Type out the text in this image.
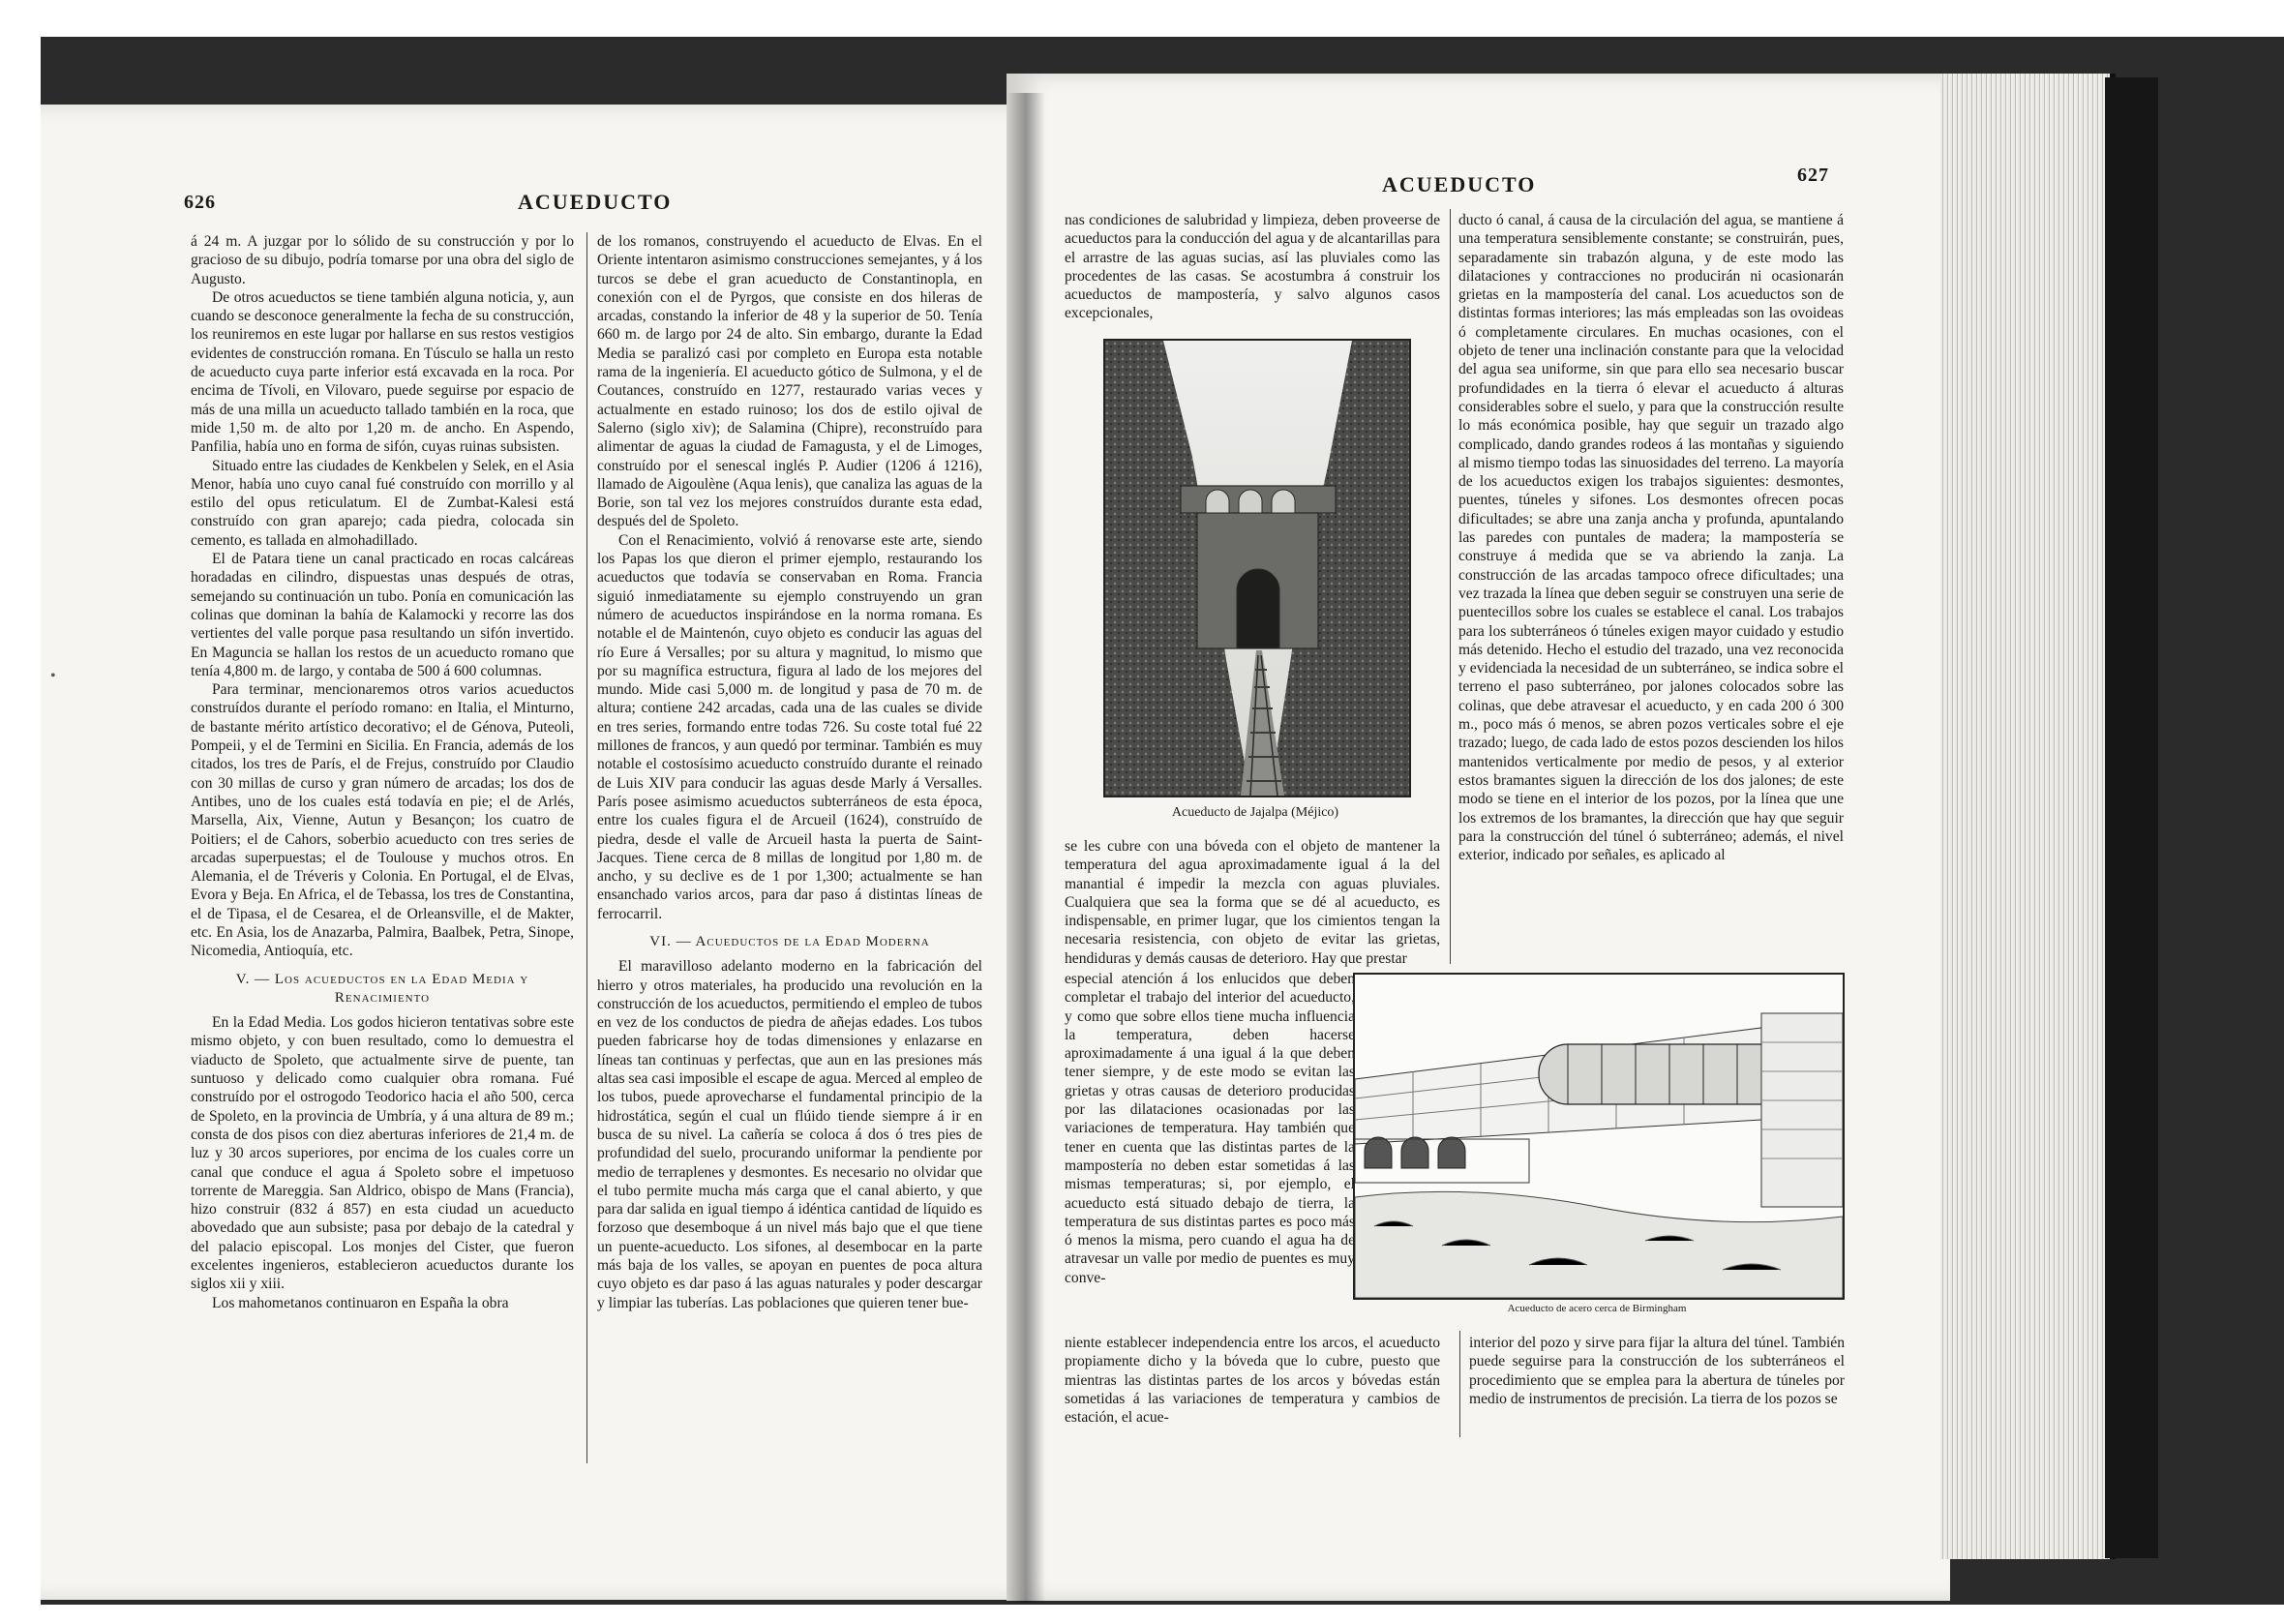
626	ACUEDUCTO

á 24 m. A juzgar por lo sólido de su construcción y por lo gracioso de su dibujo, podría tomarse por una obra del siglo de Augusto.

De otros acueductos se tiene también alguna noticia, y, aun cuando se desconoce generalmente la fecha de su construcción, los reuniremos en este lugar por hallarse en sus restos vestigios evidentes de construcción romana. En Túsculo se halla un resto de acueducto cuya parte inferior está excavada en la roca. Por encima de Tívoli, en Vilovaro, puede seguirse por espacio de más de una milla un acueducto tallado también en la roca, que mide 1,50 m. de alto por 1,20 m. de ancho. En Aspendo, Panfilia, había uno en forma de sifón, cuyas ruinas subsisten.

Situado entre las ciudades de Kenkbelen y Selek, en el Asia Menor, había uno cuyo canal fué construído con morrillo y al estilo del opus reticulatum. El de Zumbat-Kalesi está construído con gran aparejo; cada piedra, colocada sin cemento, es tallada en almohadillado.

El de Patara tiene un canal practicado en rocas calcáreas horadadas en cilindro, dispuestas unas después de otras, semejando su continuación un tubo. Ponía en comunicación las colinas que dominan la bahía de Kalamocki y recorre las dos vertientes del valle porque pasa resultando un sifón invertido. En Maguncia se hallan los restos de un acueducto romano que tenía 4,800 m. de largo, y contaba de 500 á 600 columnas.

Para terminar, mencionaremos otros varios acueductos construídos durante el período romano: en Italia, el Minturno, de bastante mérito artístico decorativo; el de Génova, Puteoli, Pompeii, y el de Termini en Sicilia. En Francia, además de los citados, los tres de París, el de Frejus, construído por Claudio con 30 millas de curso y gran número de arcadas; los dos de Antibes, uno de los cuales está todavía en pie; el de Arlés, Marsella, Aix, Vienne, Autun y Besançon; los cuatro de Poitiers; el de Cahors, soberbio acueducto con tres series de arcadas superpuestas; el de Toulouse y muchos otros. En Alemania, el de Tréveris y Colonia. En Portugal, el de Elvas, Evora y Beja. En Africa, el de Tebassa, los tres de Constantina, el de Tipasa, el de Cesarea, el de Orleansville, el de Makter, etc. En Asia, los de Anazarba, Palmira, Baalbek, Petra, Sinope, Nicomedia, Antioquía, etc.

V. — Los acueductos en la Edad Media y Renacimiento

En la Edad Media. Los godos hicieron tentativas sobre este mismo objeto, y con buen resultado, como lo demuestra el viaducto de Spoleto, que actualmente sirve de puente, tan suntuoso y delicado como cualquier obra romana. Fué construído por el ostrogodo Teodorico hacia el año 500, cerca de Spoleto, en la provincia de Umbría, y á una altura de 89 m.; consta de dos pisos con diez aberturas inferiores de 21,4 m. de luz y 30 arcos superiores, por encima de los cuales corre un canal que conduce el agua á Spoleto sobre el impetuoso torrente de Mareggia. San Aldrico, obispo de Mans (Francia), hizo construir (832 á 857) en esta ciudad un acueducto abovedado que aun subsiste; pasa por debajo de la catedral y del palacio episcopal. Los monjes del Cister, que fueron excelentes ingenieros, establecieron acueductos durante los siglos xii y xiii.

Los mahometanos continuaron en España la obra

de los romanos, construyendo el acueducto de Elvas. En el Oriente intentaron asimismo construcciones semejantes, y á los turcos se debe el gran acueducto de Constantinopla, en conexión con el de Pyrgos, que consiste en dos hileras de arcadas, constando la inferior de 48 y la superior de 50. Tenía 660 m. de largo por 24 de alto. Sin embargo, durante la Edad Media se paralizó casi por completo en Europa esta notable rama de la ingeniería. El acueducto gótico de Sulmona, y el de Coutances, construído en 1277, restaurado varias veces y actualmente en estado ruinoso; los dos de estilo ojival de Salerno (siglo xiv); de Salamina (Chipre), reconstruído para alimentar de aguas la ciudad de Famagusta, y el de Limoges, construído por el senescal inglés P. Audier (1206 á 1216), llamado de Aigoulène (Aqua lenis), que canaliza las aguas de la Borie, son tal vez los mejores construídos durante esta edad, después del de Spoleto.

Con el Renacimiento, volvió á renovarse este arte, siendo los Papas los que dieron el primer ejemplo, restaurando los acueductos que todavía se conservaban en Roma. Francia siguió inmediatamente su ejemplo construyendo un gran número de acueductos inspirándose en la norma romana. Es notable el de Maintenón, cuyo objeto es conducir las aguas del río Eure á Versalles; por su altura y magnitud, lo mismo que por su magnífica estructura, figura al lado de los mejores del mundo. Mide casi 5,000 m. de longitud y pasa de 70 m. de altura; contiene 242 arcadas, cada una de las cuales se divide en tres series, formando entre todas 726. Su coste total fué 22 millones de francos, y aun quedó por terminar. También es muy notable el costosísimo acueducto construído durante el reinado de Luis XIV para conducir las aguas desde Marly á Versalles. París posee asimismo acueductos subterráneos de esta época, entre los cuales figura el de Arcueil (1624), construído de piedra, desde el valle de Arcueil hasta la puerta de Saint-Jacques. Tiene cerca de 8 millas de longitud por 1,80 m. de ancho, y su declive es de 1 por 1,300; actualmente se han ensanchado varios arcos, para dar paso á distintas líneas de ferrocarril.

VI. — Acueductos de la Edad Moderna

El maravilloso adelanto moderno en la fabricación del hierro y otros materiales, ha producido una revolución en la construcción de los acueductos, permitiendo el empleo de tubos en vez de los conductos de piedra de añejas edades. Los tubos pueden fabricarse hoy de todas dimensiones y enlazarse en líneas tan continuas y perfectas, que aun en las presiones más altas sea casi imposible el escape de agua. Merced al empleo de los tubos, puede aprovecharse el fundamental principio de la hidrostática, según el cual un flúido tiende siempre á ir en busca de su nivel. La cañería se coloca á dos ó tres pies de profundidad del suelo, procurando uniformar la pendiente por medio de terraplenes y desmontes. Es necesario no olvidar que el tubo permite mucha más carga que el canal abierto, y que para dar salida en igual tiempo á idéntica cantidad de líquido es forzoso que desemboque á un nivel más bajo que el que tiene un puente-acueducto. Los sifones, al desembocar en la parte más baja de los valles, se apoyan en puentes de poca altura cuyo objeto es dar paso á las aguas naturales y poder descargar y limpiar las tuberías. Las poblaciones que quieren tener bue-

•
ACUEDUCTO	627

nas condiciones de salubridad y limpieza, deben proveerse de acueductos para la conducción del agua y de alcantarillas para el arrastre de las aguas sucias, así las pluviales como las procedentes de las casas. Se acostumbra á construir los acueductos de mampostería, y salvo algunos casos excepcionales,

Acueducto de Jajalpa (Méjico)

se les cubre con una bóveda con el objeto de mantener la temperatura del agua aproximadamente igual á la del manantial é impedir la mezcla con aguas pluviales. Cualquiera que sea la forma que se dé al acueducto, es indispensable, en primer lugar, que los cimientos tengan la necesaria resistencia, con objeto de evitar las grietas, hendiduras y demás causas de deterioro. Hay que prestar

especial atención á los enlucidos que deben completar el trabajo del interior del acueducto, y como que sobre ellos tiene mucha influencia la temperatura, deben hacerse aproximadamente á una igual á la que deben tener siempre, y de este modo se evitan las grietas y otras causas de deterioro producidas por las dilataciones ocasionadas por las variaciones de temperatura. Hay también que tener en cuenta que las distintas partes de la mampostería no deben estar sometidas á las mismas temperaturas; si, por ejemplo, el acueducto está situado debajo de tierra, la temperatura de sus distintas partes es poco más ó menos la misma, pero cuando el agua ha de atravesar un valle por medio de puentes es muy conve-

Acueducto de acero cerca de Birmingham

niente establecer independencia entre los arcos, el acueducto propiamente dicho y la bóveda que lo cubre, puesto que mientras las distintas partes de los arcos y bóvedas están sometidas á las variaciones de temperatura y cambios de estación, el acue-

ducto ó canal, á causa de la circulación del agua, se mantiene á una temperatura sensiblemente constante; se construirán, pues, separadamente sin trabazón alguna, y de este modo las dilataciones y contracciones no producirán ni ocasionarán grietas en la mampostería del canal. Los acueductos son de distintas formas interiores; las más empleadas son las ovoideas ó completamente circulares. En muchas ocasiones, con el objeto de tener una inclinación constante para que la velocidad del agua sea uniforme, sin que para ello sea necesario buscar profundidades en la tierra ó elevar el acueducto á alturas considerables sobre el suelo, y para que la construcción resulte lo más económica posible, hay que seguir un trazado algo complicado, dando grandes rodeos á las montañas y siguiendo al mismo tiempo todas las sinuosidades del terreno. La mayoría de los acueductos exigen los trabajos siguientes: desmontes, puentes, túneles y sifones. Los desmontes ofrecen pocas dificultades; se abre una zanja ancha y profunda, apuntalando las paredes con puntales de madera; la mampostería se construye á medida que se va abriendo la zanja. La construcción de las arcadas tampoco ofrece dificultades; una vez trazada la línea que deben seguir se construyen una serie de puentecillos sobre los cuales se establece el canal. Los trabajos para los subterráneos ó túneles exigen mayor cuidado y estudio más detenido. Hecho el estudio del trazado, una vez reconocida y evidenciada la necesidad de un subterráneo, se indica sobre el terreno el paso subterráneo, por jalones colocados sobre las colinas, que debe atravesar el acueducto, y en cada 200 ó 300 m., poco más ó menos, se abren pozos verticales sobre el eje trazado; luego, de cada lado de estos pozos descienden los hilos mantenidos verticalmente por medio de pesos, y al exterior estos bramantes siguen la dirección de los dos jalones; de este modo se tiene en el interior de los pozos, por la línea que une los extremos de los bramantes, la dirección que hay que seguir para la construcción del túnel ó subterráneo; además, el nivel exterior, indicado por señales, es aplicado al

interior del pozo y sirve para fijar la altura del túnel. También puede seguirse para la construcción de los subterráneos el procedimiento que se emplea para la abertura de túneles por medio de instrumentos de precisión. La tierra de los pozos se
